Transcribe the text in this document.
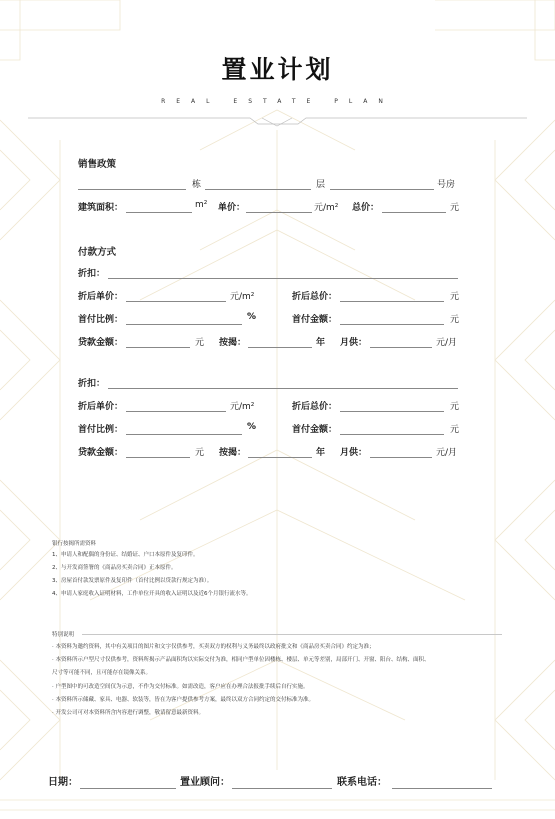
置业计划
REAL ESTATE PLAN
销售政策
栋	层	号房
建筑面积：	m² 单价：	元/m² 总价：	元
付款方式
折扣：
折后单价：	元/m²	折后总价：	元
首付比例：	%	首付金额：	元
贷款金额：	元 按揭：	年 月供：	元/月
折扣：
折后单价：	元/m²	折后总价：	元
首付比例：	%	首付金额：	元
贷款金额：	元 按揭：	年 月供：	元/月
银行按揭所需资料
1、申请人和配偶的身份证、结婚证、户口本原件及复印件。
2、与开发商签署的《商品房买卖合同》正本原件。
3、房屋首付款发票原件及复印件（首付比例以贷款行规定为准）。
4、申请人家庭收入证明材料，工作单位开具的收入证明以及近6个月银行流水等。
特别说明
· 本资料为邀约资料，其中有关项目的图片和文字仅供参考，买卖双方的权利与义务最终以政府批文和《商品房买卖合同》约定为准；
· 本资料所示户型尺寸仅供参考，资料所揭示产品面积均以实际交付为准，相同户型单位因楼栋、楼层、单元等差别，局部开门、开窗、阳台、结构、面积、
尺寸等可能不同，且可能存在镜像关系。
· 户型图中的可改造空间仅为示意，不作为交付标准。如需改造，客户应在办理合法报批手续后自行实施。
· 本资料所示储藏、家具、电器、软装等，皆在为客户提供参考方案，最终以双方合同约定的交付标准为准。
· 开发公司可对本资料所含内容进行调整，敬请留意最新资料。
日期：	置业顾问：	联系电话：
